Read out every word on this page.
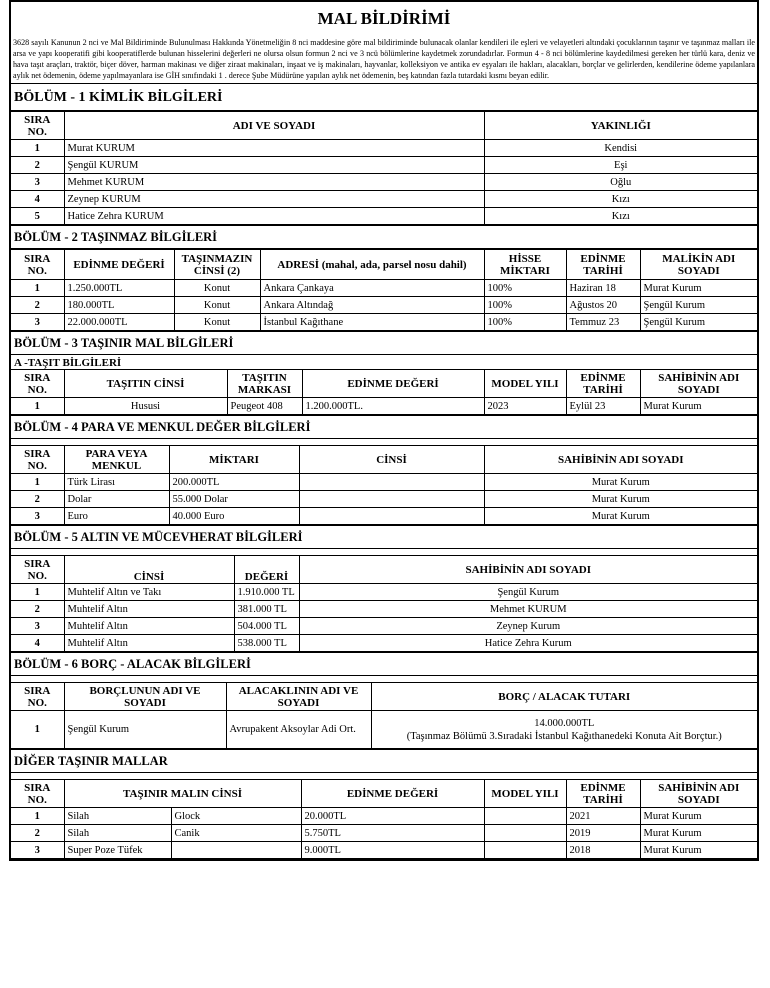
MAL BİLDİRİMİ
3628 sayılı Kanunun 2 nci ve Mal Bildiriminde Bulunulması Hakkında Yönetmeliğin 8 nci maddesine göre mal bildiriminde bulunacak olanlar kendileri ile eşleri ve velayetleri altındaki çocuklarının taşınır ve taşınmaz malları ile arsa ve yapı kooperatifi gibi kooperatiflerde bulunan hisselerini değerleri ne olursa olsun formun 2 nci ve 3 ncü bölümlerine kaydetmek zorundadırlar. Formun 4 - 8 nci bölümlerine kaydedilmesi gereken her türlü kara, deniz ve hava taşıt araçları, traktör, biçer döver, harman makinası ve diğer ziraat makinaları, inşaat ve iş makinaları, hayvanlar, kolleksiyon ve antika ev eşyaları ile hakları, alacakları, borçlar ve gelirlerden, kendilerine ödeme yapılanlara aylık net ödemenin, ödeme yapılmayanlara ise GİH sınıfındaki 1 . derece Şube Müdürüne yapılan aylık net ödemenin, beş katından fazla tutardaki kısmı beyan edilir.
BÖLÜM - 1 KİMLİK BİLGİLERİ
SIRA NO.	ADI VE SOYADI	YAKINLIĞI
1	Murat KURUM	Kendisi
2	Şengül KURUM	Eşi
3	Mehmet KURUM	Oğlu
4	Zeynep KURUM	Kızı
5	Hatice Zehra KURUM	Kızı
BÖLÜM - 2 TAŞINMAZ BİLGİLERİ
SIRA NO.	EDİNME DEĞERİ	TAŞINMAZIN CİNSİ (2)	ADRESİ (mahal, ada, parsel nosu dahil)	HİSSE MİKTARI	EDİNME TARİHİ	MALİKİN ADI SOYADI
1	1.250.000TL	Konut	Ankara Çankaya	100%	Haziran 18	Murat Kurum
2	180.000TL	Konut	Ankara Altındağ	100%	Ağustos 20	Şengül Kurum
3	22.000.000TL	Konut	İstanbul Kağıthane	100%	Temmuz 23	Şengül Kurum
BÖLÜM - 3 TAŞINIR MAL BİLGİLERİ
A -TAŞIT BİLGİLERİ
SIRA NO.	TAŞITIN CİNSİ	TAŞITIN MARKASI	EDİNME DEĞERİ	MODEL YILI	EDİNME TARİHİ	SAHİBİNİN ADI SOYADI
1	Hususi	Peugeot 408	1.200.000TL.	2023	Eylül 23	Murat Kurum
BÖLÜM - 4 PARA VE MENKUL DEĞER BİLGİLERİ
SIRA NO.	PARA VEYA MENKUL	MİKTARI	CİNSİ	SAHİBİNİN ADI SOYADI
1	Türk Lirası	200.000TL		Murat Kurum
2	Dolar	55.000 Dolar		Murat Kurum
3	Euro	40.000 Euro		Murat Kurum
BÖLÜM - 5 ALTIN VE MÜCEVHERAT BİLGİLERİ
SIRA NO.	CİNSİ	DEĞERİ	SAHİBİNİN ADI SOYADI
1	Muhtelif Altın ve Takı	1.910.000 TL	Şengül Kurum
2	Muhtelif Altın	381.000 TL	Mehmet KURUM
3	Muhtelif Altın	504.000 TL	Zeynep Kurum
4	Muhtelif Altın	538.000 TL	Hatice Zehra Kurum
BÖLÜM - 6 BORÇ - ALACAK BİLGİLERİ
SIRA NO.	BORÇLUNUN ADI VE SOYADI	ALACAKLININ ADI VE SOYADI	BORÇ / ALACAK TUTARI
1	Şengül Kurum	Avrupakent Aksoylar Adi Ort.	14.000.000TL
(Taşınmaz Bölümü 3.Sıradaki İstanbul Kağıthanedeki Konuta Ait Borçtur.)
DİĞER TAŞINIR MALLAR
SIRA NO.	TAŞINIR MALIN CİNSİ		EDİNME DEĞERİ	MODEL YILI	EDİNME TARİHİ	SAHİBİNİN ADI SOYADI
1	Silah	Glock	20.000TL		2021	Murat Kurum
2	Silah	Canik	5.750TL		2019	Murat Kurum
3	Super Poze Tüfek		9.000TL		2018	Murat Kurum
